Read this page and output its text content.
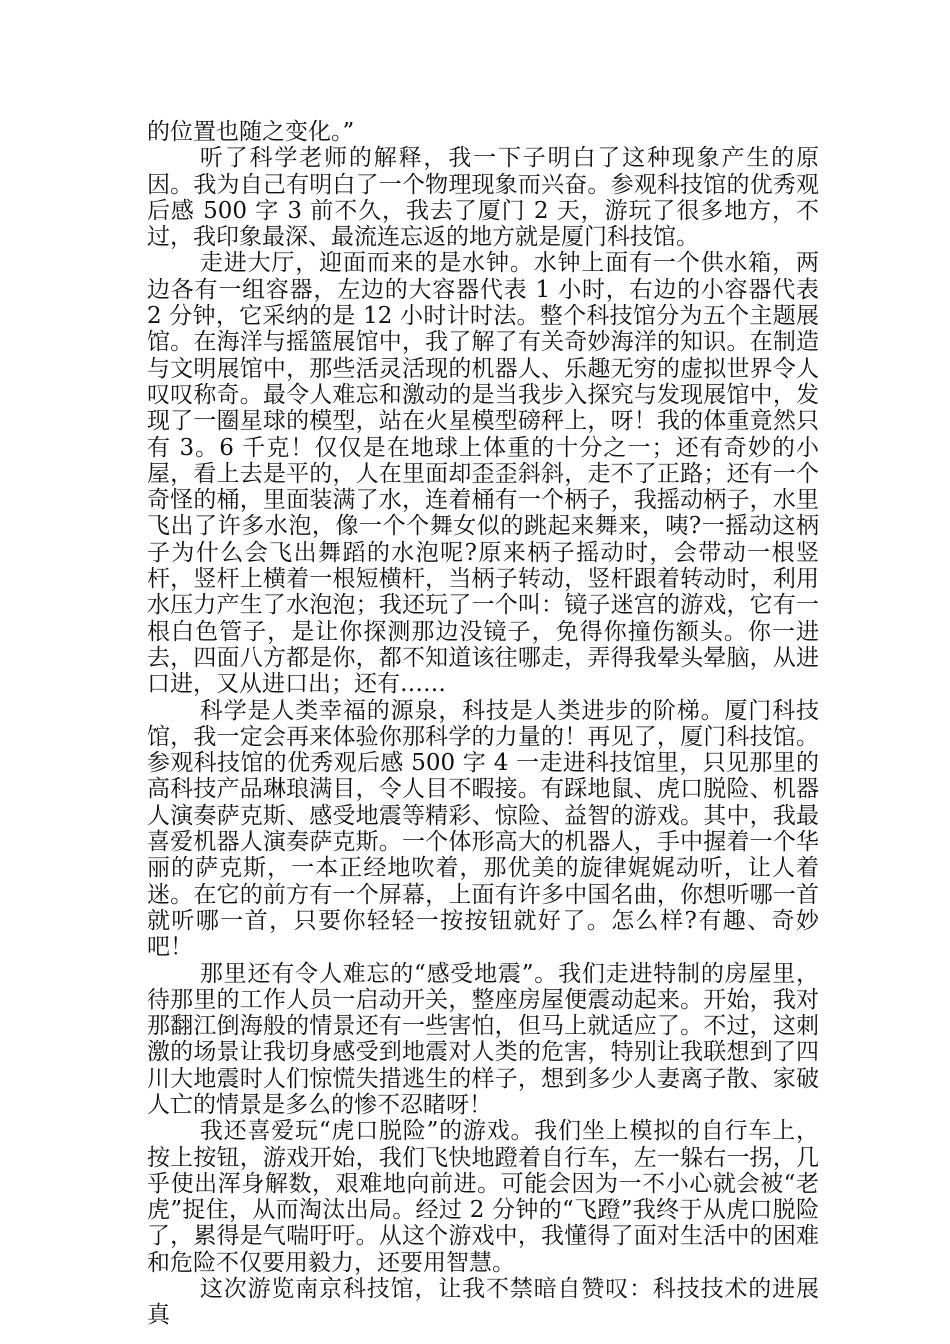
的位置也随之变化。”

听了科学老师的解释，我一下子明白了这种现象产生的原因。我为自己有明白了一个物理现象而兴奋。参观科技馆的优秀观后感 500 字 3 前不久，我去了厦门 2 天，游玩了很多地方，不过，我印象最深、最流连忘返的地方就是厦门科技馆。

走进大厅，迎面而来的是水钟。水钟上面有一个供水箱，两边各有一组容器，左边的大容器代表 1 小时，右边的小容器代表 2 分钟，它采纳的是 12 小时计时法。整个科技馆分为五个主题展馆。在海洋与摇篮展馆中，我了解了有关奇妙海洋的知识。在制造与文明展馆中，那些活灵活现的机器人、乐趣无穷的虚拟世界令人叹叹称奇。最令人难忘和激动的是当我步入探究与发现展馆中，发现了一圈星球的模型，站在火星模型磅秤上，呀！我的体重竟然只有 3。6 千克！仅仅是在地球上体重的十分之一；还有奇妙的小屋，看上去是平的，人在里面却歪歪斜斜，走不了正路；还有一个奇怪的桶，里面装满了水，连着桶有一个柄子，我摇动柄子，水里飞出了许多水泡，像一个个舞女似的跳起来舞来，咦?一摇动这柄子为什么会飞出舞蹈的水泡呢?原来柄子摇动时，会带动一根竖杆，竖杆上横着一根短横杆，当柄子转动，竖杆跟着转动时，利用水压力产生了水泡泡；我还玩了一个叫：镜子迷宫的游戏，它有一根白色管子，是让你探测那边没镜子，免得你撞伤额头。你一进去，四面八方都是你，都不知道该往哪走，弄得我晕头晕脑，从进口进，又从进口出；还有……

科学是人类幸福的源泉，科技是人类进步的阶梯。厦门科技馆，我一定会再来体验你那科学的力量的！再见了，厦门科技馆。参观科技馆的优秀观后感 500 字 4 一走进科技馆里，只见那里的高科技产品琳琅满目，令人目不暇接。有踩地鼠、虎口脱险、机器人演奏萨克斯、感受地震等精彩、惊险、益智的游戏。其中，我最喜爱机器人演奏萨克斯。一个体形高大的机器人，手中握着一个华丽的萨克斯，一本正经地吹着，那优美的旋律娓娓动听，让人着迷。在它的前方有一个屏幕，上面有许多中国名曲，你想听哪一首就听哪一首，只要你轻轻一按按钮就好了。怎么样?有趣、奇妙吧！

那里还有令人难忘的“感受地震”。我们走进特制的房屋里，待那里的工作人员一启动开关，整座房屋便震动起来。开始，我对那翻江倒海般的情景还有一些害怕，但马上就适应了。不过，这刺激的场景让我切身感受到地震对人类的危害，特别让我联想到了四川大地震时人们惊慌失措逃生的样子，想到多少人妻离子散、家破人亡的情景是多么的惨不忍睹呀！

我还喜爱玩“虎口脱险”的游戏。我们坐上模拟的自行车上，按上按钮，游戏开始，我们飞快地蹬着自行车，左一躲右一拐，几乎使出浑身解数，艰难地向前进。可能会因为一不小心就会被“老虎”捉住，从而淘汰出局。经过 2 分钟的“飞蹬”我终于从虎口脱险了，累得是气喘吁吁。从这个游戏中，我懂得了面对生活中的困难和危险不仅要用毅力，还要用智慧。

这次游览南京科技馆，让我不禁暗自赞叹：科技技术的进展真
